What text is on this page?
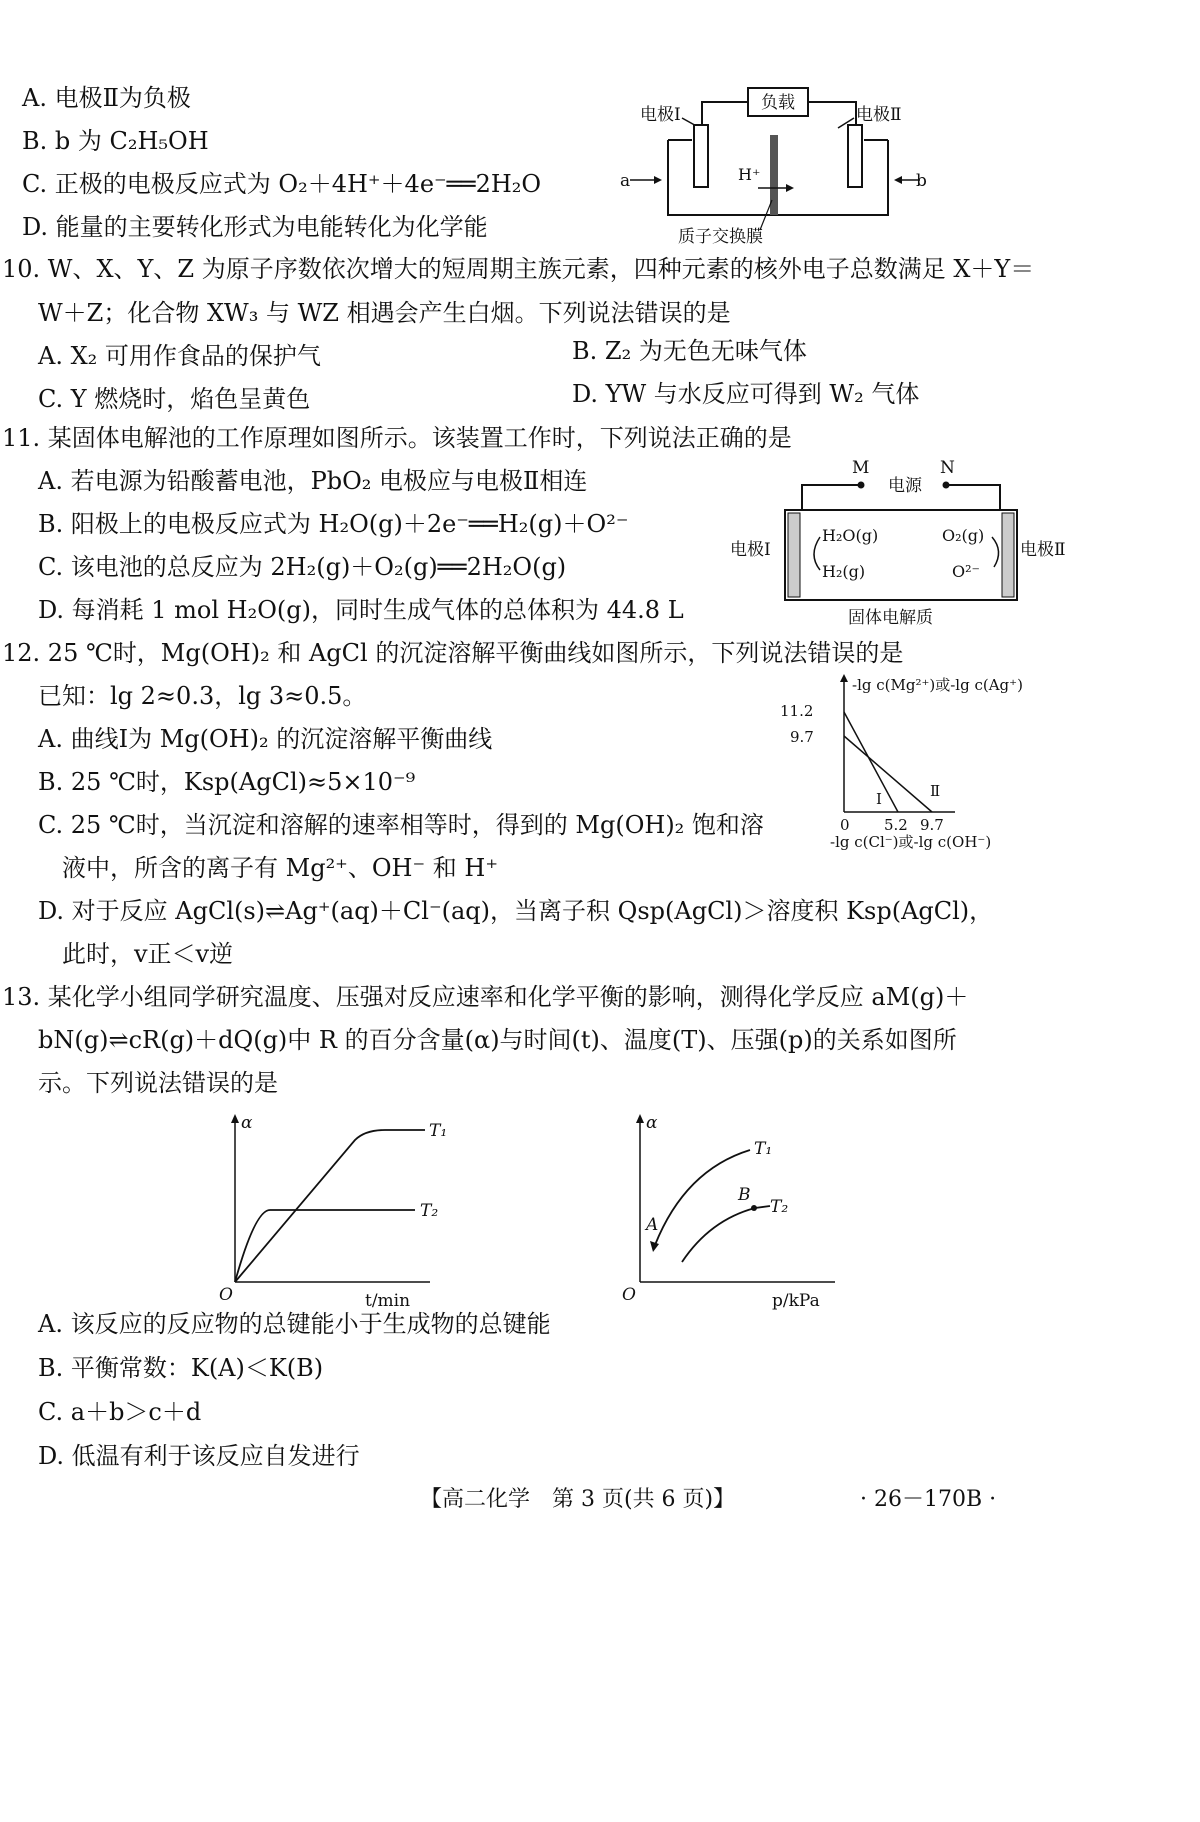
A. 电极Ⅱ为负极
B. b 为 C₂H₅OH
C. 正极的电极反应式为 O₂＋4H⁺＋4e⁻══2H₂O
D. 能量的主要转化形式为电能转化为化学能
负载
电极Ⅰ	电极Ⅱ
a	b
H⁺
质子交换膜
10. W、X、Y、Z 为原子序数依次增大的短周期主族元素，四种元素的核外电子总数满足 X＋Y＝
W＋Z；化合物 XW₃ 与 WZ 相遇会产生白烟。下列说法错误的是
A. X₂ 可用作食品的保护气	B. Z₂ 为无色无味气体
C. Y 燃烧时，焰色呈黄色	D. YW 与水反应可得到 W₂ 气体
11. 某固体电解池的工作原理如图所示。该装置工作时，下列说法正确的是
A. 若电源为铅酸蓄电池，PbO₂ 电极应与电极Ⅱ相连
B. 阳极上的电极反应式为 H₂O(g)＋2e⁻══H₂(g)＋O²⁻
C. 该电池的总反应为 2H₂(g)＋O₂(g)══2H₂O(g)
D. 每消耗 1 mol H₂O(g)，同时生成气体的总体积为 44.8 L
M	N
电源
电极Ⅰ	电极Ⅱ
H₂O(g)
H₂(g)
O₂(g)
O²⁻
固体电解质
12. 25 ℃时，Mg(OH)₂ 和 AgCl 的沉淀溶解平衡曲线如图所示，下列说法错误的是
已知：lg 2≈0.3，lg 3≈0.5。
A. 曲线Ⅰ为 Mg(OH)₂ 的沉淀溶解平衡曲线
B. 25 ℃时，Ksp(AgCl)≈5×10⁻⁹
C. 25 ℃时，当沉淀和溶解的速率相等时，得到的 Mg(OH)₂ 饱和溶
液中，所含的离子有 Mg²⁺、OH⁻ 和 H⁺
D. 对于反应 AgCl(s)⇌Ag⁺(aq)＋Cl⁻(aq)，当离子积 Qsp(AgCl)＞溶度积 Ksp(AgCl)，
此时，v正＜v逆
-lg c(Mg²⁺)或-lg c(Ag⁺)
11.2
9.7
Ⅰ	Ⅱ
0 5.2 9.7
-lg c(Cl⁻)或-lg c(OH⁻)
13. 某化学小组同学研究温度、压强对反应速率和化学平衡的影响，测得化学反应 aM(g)＋
bN(g)⇌cR(g)＋dQ(g)中 R 的百分含量(α)与时间(t)、温度(T)、压强(p)的关系如图所
示。下列说法错误的是
α
O	t/min
T₁
T₂
α
O	p/kPa
T₁
T₂
A
B
A. 该反应的反应物的总键能小于生成物的总键能
B. 平衡常数：K(A)＜K(B)
C. a＋b＞c＋d
D. 低温有利于该反应自发进行
【高二化学　第 3 页(共 6 页)】	· 26－170B ·
